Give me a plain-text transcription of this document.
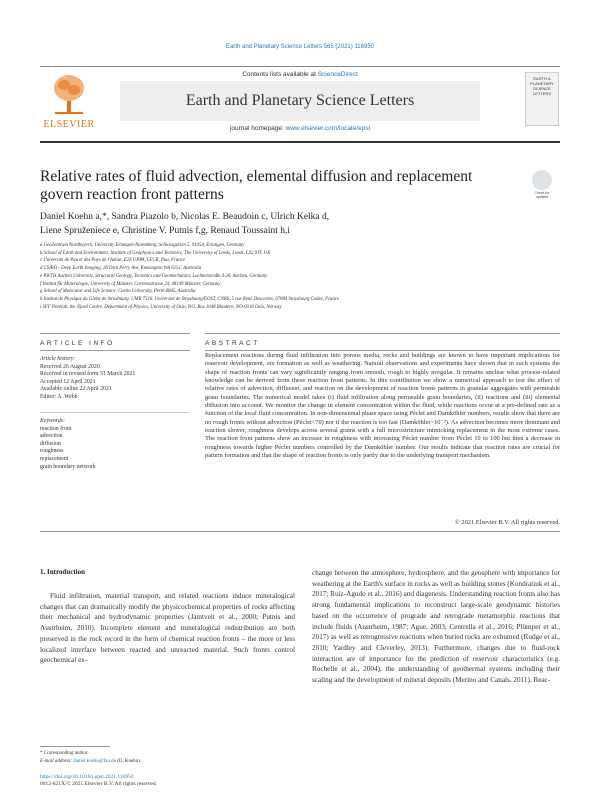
Earth and Planetary Science Letters 565 (2021) 116950
Contents lists available at ScienceDirect
Earth and Planetary Science Letters
journal homepage: www.elsevier.com/locate/epsl
ELSEVIER
EARTH & PLANETARY SCIENCE LETTERS
Relative rates of fluid advection, elemental diffusion and replacement govern reaction front patterns	Check for updates
Daniel Koehn a,*, Sandra Piazolo b, Nicolas E. Beaudoin c, Ulrich Kelka d,
Liene Spruženiece e, Christine V. Putnis f,g, Renaud Toussaint h,i
a GeoZentrum Nordbayern, University Erlangen-Nuremberg, Schlossgarten 5, 91054, Erlangen, Germany
b School of Earth and Environment, Institute of Geophysics and Tectonics, The University of Leeds, Leeds, LS2 9JT, UK
c Université de Pau et des Pays de l'Adour, E2S UPPA, LFCR, Pau, France
d CSIRO - Deep Earth Imaging, 26 Dick Perry Ave, Kensington WA 6151, Australia
e RWTH Aachen University, Structural Geology, Tectonics and Geomechanics, Lochnerstraße 4-20, Aachen, Germany
f Institut für Mineralogie, University of Münster, Corrensstrasse 24, 48149 Münster, Germany
g School of Molecular and Life Science, Curtin University, Perth 6845, Australia
h Institut de Physique du Globe de Strasbourg, UMR 7516, Université de Strasbourg/EOST, CNRS, 5 rue René Descartes, 67084 Strasbourg Cedex, France
i SFF Porelab, the Njord Centre, Department of Physics, University of Oslo, P.O. Box 1048 Blindern, NO-0316 Oslo, Norway
ARTICLE INFO	ABSTRACT
Article history:
Received 26 August 2020
Received in revised form 31 March 2021
Accepted 12 April 2021
Available online 22 April 2021
Editor: A. Webb
Keywords:
reaction front
advection
diffusion
roughness
replacement
grain boundary network
Replacement reactions during fluid infiltration into porous media, rocks and buildings are known to have important implications for reservoir development, ore formation as well as weathering. Natural observations and experiments have shown that in such systems the shape of reaction fronts can vary significantly ranging from smooth, rough to highly irregular. It remains unclear what process-related knowledge can be derived from these reaction front patterns. In this contribution we show a numerical approach to test the effect of relative rates of advection, diffusion, and reaction on the development of reaction fronts patterns in granular aggregates with permeable grain boundaries. The numerical model takes (i) fluid infiltration along permeable grain boundaries, (ii) reactions and (iii) elemental diffusion into account. We monitor the change in element concentration within the fluid, while reactions occur at a pre-defined rate as a function of the local fluid concentration. In non-dimensional phase space using Péclet and Damköhler numbers, results show that there are no rough fronts without advection (Péclet<70) nor if the reaction is too fast (Damköhler>10⁻³). As advection becomes more dominant and reaction slower, roughness develops across several grains with a full microstructure mimicking replacement in the most extreme cases. The reaction front patterns show an increase in roughness with increasing Péclet number from Péclet 10 to 100 but then a decrease in roughness towards higher Péclet numbers controlled by the Damköhler number. Our results indicate that reaction rates are crucial for pattern formation and that the shape of reaction fronts is only partly due to the underlying transport mechanism.
© 2021 Elsevier B.V. All rights reserved.
1. Introduction
Fluid infiltration, material transport, and related reactions induce mineralogical changes that can dramatically modify the physicochemical properties of rocks affecting their mechanical and hydrodynamic properties (Jamtveit et al., 2000; Putnis and Austrheim, 2010). Incomplete element and mineralogical redistribution are both preserved in the rock record in the form of chemical reaction fronts – the more or less localized interface between reacted and unreacted material. Such fronts control geochemical ex-
change between the atmosphere, hydrosphere, and the geosphere with importance for weathering at the Earth's surface in rocks as well as building stones (Kondratiuk et al., 2017; Ruiz-Agudo et al., 2016) and diagenesis. Understanding reaction fronts also has strong fundamental implications to reconstruct large-scale geodynamic histories based on the occurrence of prograde and retrograde metamorphic reactions that include fluids (Austrheim, 1987; Ague, 2003; Centrella et al., 2016; Plümper et al., 2017) as well as retrogressive reactions when buried rocks are exhumed (Rudge et al., 2010; Yardley and Cleverley, 2013). Furthermore, changes due to fluid-rock interaction are of importance for the prediction of reservoir characteristics (e.g. Rochelle et al., 2004), the understanding of geothermal systems including their scaling and the development of mineral deposits (Merino and Canals, 2011). Reac-
* Corresponding author.
E-mail address: daniel.koehn@fau.de (D. Koehn).
https://doi.org/10.1016/j.epsl.2021.116950
0012-821X/© 2021 Elsevier B.V. All rights reserved.
